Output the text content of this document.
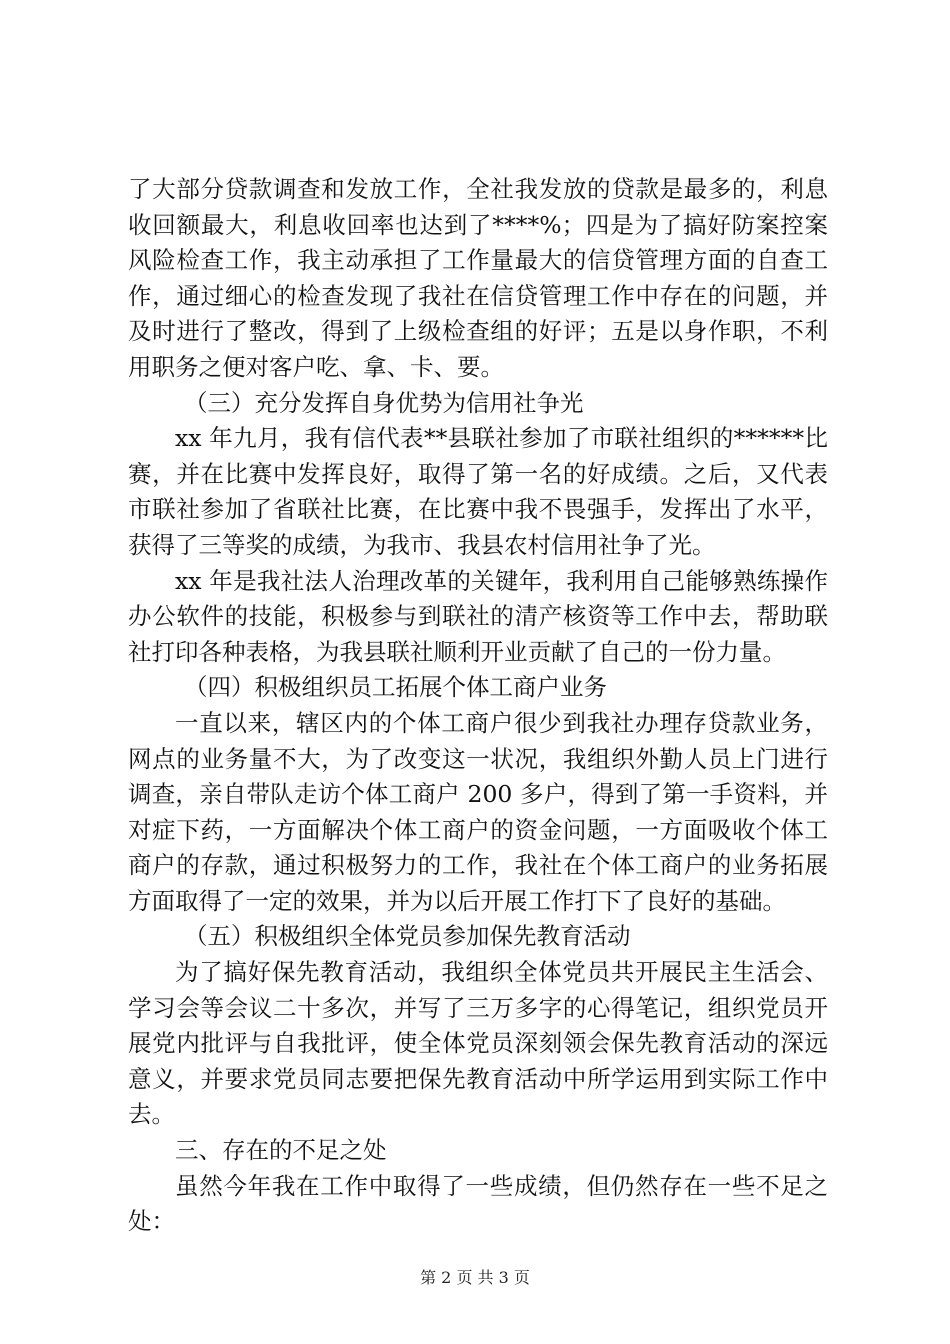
了大部分贷款调查和发放工作，全社我发放的贷款是最多的，利息收回额最大，利息收回率也达到了****%；四是为了搞好防案控案风险检查工作，我主动承担了工作量最大的信贷管理方面的自查工作，通过细心的检查发现了我社在信贷管理工作中存在的问题，并及时进行了整改，得到了上级检查组的好评；五是以身作职，不利用职务之便对客户吃、拿、卡、要。

（三）充分发挥自身优势为信用社争光

xx 年九月，我有信代表**县联社参加了市联社组织的******比赛，并在比赛中发挥良好，取得了第一名的好成绩。之后，又代表市联社参加了省联社比赛，在比赛中我不畏强手，发挥出了水平，获得了三等奖的成绩，为我市、我县农村信用社争了光。

xx 年是我社法人治理改革的关键年，我利用自己能够熟练操作办公软件的技能，积极参与到联社的清产核资等工作中去，帮助联社打印各种表格，为我县联社顺利开业贡献了自己的一份力量。

（四）积极组织员工拓展个体工商户业务

一直以来，辖区内的个体工商户很少到我社办理存贷款业务，网点的业务量不大，为了改变这一状况，我组织外勤人员上门进行调查，亲自带队走访个体工商户 200 多户，得到了第一手资料，并对症下药，一方面解决个体工商户的资金问题，一方面吸收个体工商户的存款，通过积极努力的工作，我社在个体工商户的业务拓展方面取得了一定的效果，并为以后开展工作打下了良好的基础。

（五）积极组织全体党员参加保先教育活动

为了搞好保先教育活动，我组织全体党员共开展民主生活会、学习会等会议二十多次，并写了三万多字的心得笔记，组织党员开展党内批评与自我批评，使全体党员深刻领会保先教育活动的深远意义，并要求党员同志要把保先教育活动中所学运用到实际工作中去。

三、存在的不足之处

虽然今年我在工作中取得了一些成绩，但仍然存在一些不足之处：

第 2 页 共 3 页
